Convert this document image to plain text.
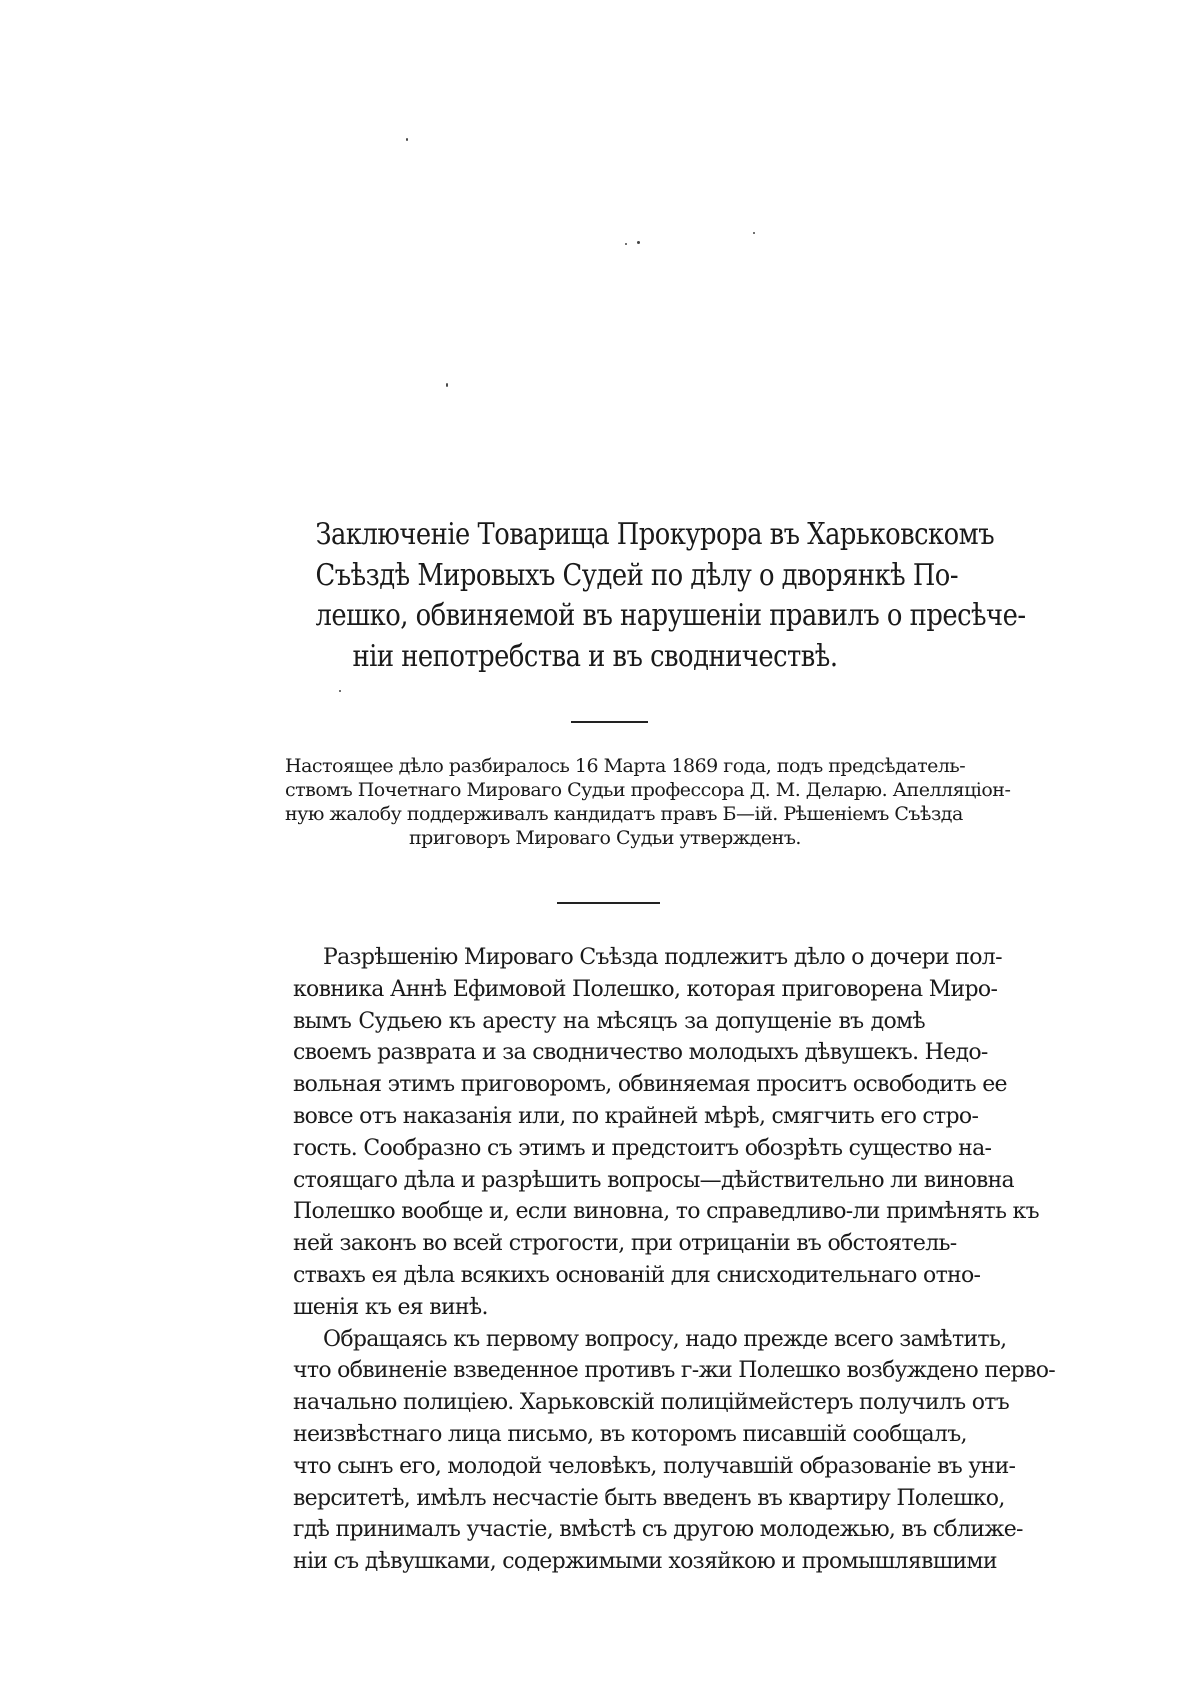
Заключенiе Товарища Прокурора въ Харьковскомъ
Съѣздѣ Мировыхъ Судей по дѣлу о дворянкѣ По-
лешко, обвиняемой въ нарушенiи правилъ о пресѣче-
нiи непотребства и въ сводничествѣ.
Настоящее дѣло разбиралось 16 Марта 1869 года, подъ предсѣдатель-
ствомъ Почетнаго Мироваго Судьи профессора Д. М. Деларю. Апелляцiон-
ную жалобу поддерживалъ кандидатъ правъ Б—iй. Рѣшенiемъ Съѣзда
приговоръ Мироваго Судьи утвержденъ.
Разрѣшенiю Мироваго Съѣзда подлежитъ дѣло о дочери пол-
ковника Аннѣ Ефимовой Полешко, которая приговорена Миро-
вымъ Судьею къ аресту на мѣсяцъ за допущенiе въ домѣ
своемъ разврата и за сводничество молодыхъ дѣвушекъ. Недо-
вольная этимъ приговоромъ, обвиняемая проситъ освободить ее
вовсе отъ наказанiя или, по крайней мѣрѣ, смягчить его стро-
гость. Сообразно съ этимъ и предстоитъ обозрѣть существо на-
стоящаго дѣла и разрѣшить вопросы—дѣйствительно ли виновна
Полешко вообще и, если виновна, то справедливо-ли примѣнять къ
ней законъ во всей строгости, при отрицанiи въ обстоятель-
ствахъ ея дѣла всякихъ основанiй для снисходительнаго отно-
шенiя къ ея винѣ.
Обращаясь къ первому вопросу, надо прежде всего замѣтить,
что обвиненiе взведенное противъ г-жи Полешко возбуждено перво-
начально полицiею. Харьковскiй полицiймейстеръ получилъ отъ
неизвѣстнаго лица письмо, въ которомъ писавшiй сообщалъ,
что сынъ его, молодой человѣкъ, получавшiй образованiе въ уни-
верситетѣ, имѣлъ несчастiе быть введенъ въ квартиру Полешко,
гдѣ принималъ участiе, вмѣстѣ съ другою молодежью, въ сближе-
нiи съ дѣвушками, содержимыми хозяйкою и промышлявшими
